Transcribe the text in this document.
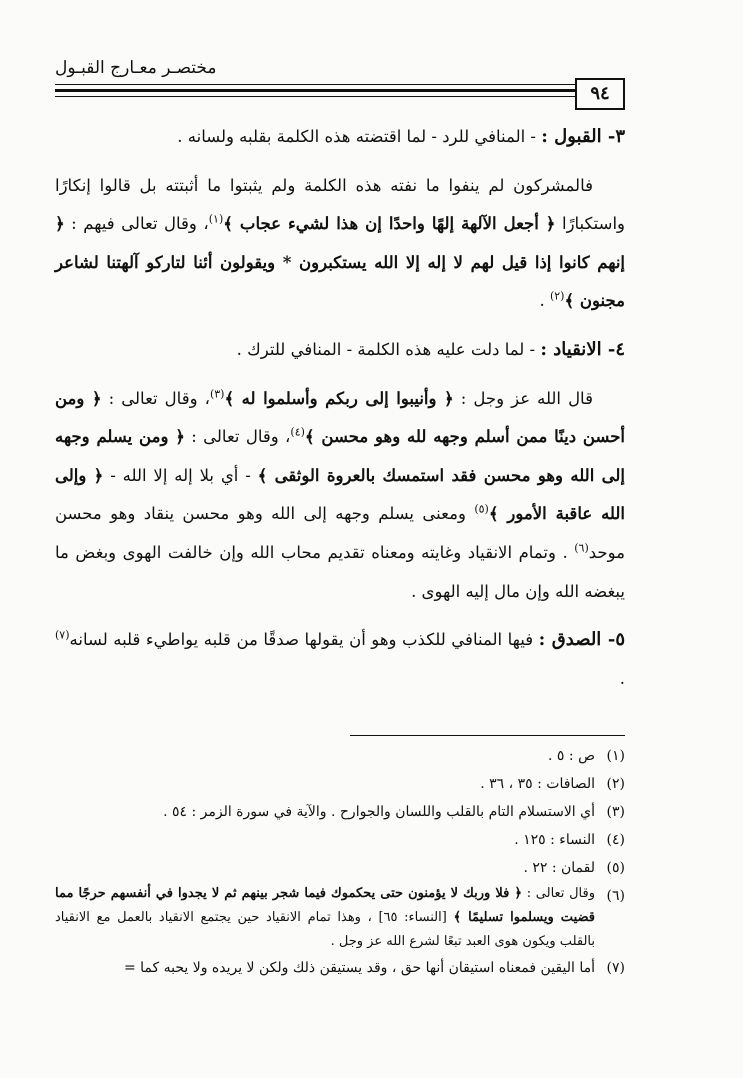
مختصـر معـارج القبـول
٩٤

٣- القبول : - المنافي للرد - لما اقتضته هذه الكلمة بقلبه ولسانه .

فالمشركون لم ينفوا ما نفته هذه الكلمة ولم يثبتوا ما أثبتته بل قالوا إنكارًا واستكبارًا ﴿ أجعل الآلهة إلهًا واحدًا إن هذا لشيء عجاب ﴾$^{(١)}$، وقال تعالى فيهم : ﴿ إنهم كانوا إذا قيل لهم لا إله إلا الله يستكبرون * ويقولون أئنا لتاركو آلهتنا لشاعر مجنون ﴾$^{(٢)}$ .

٤- الانقياد : - لما دلت عليه هذه الكلمة - المنافي للترك .

قال الله عز وجل : ﴿ وأنيبوا إلى ربكم وأسلموا له ﴾$^{(٣)}$، وقال تعالى : ﴿ ومن أحسن دينًا ممن أسلم وجهه لله وهو محسن ﴾$^{(٤)}$، وقال تعالى : ﴿ ومن يسلم وجهه إلى الله وهو محسن فقد استمسك بالعروة الوثقى ﴾ - أي بلا إله إلا الله - ﴿ وإلى الله عاقبة الأمور ﴾$^{(٥)}$ ومعنى يسلم وجهه إلى الله وهو محسن ينقاد وهو محسن موحد$^{(٦)}$ . وتمام الانقياد وغايته ومعناه تقديم محاب الله وإن خالفت الهوى وبغض ما يبغضه الله وإن مال إليه الهوى .

٥- الصدق : فيها المنافي للكذب وهو أن يقولها صدقًا من قلبه يواطيء قلبه لسانه$^{(٧)}$ .

(١)
ص : ٥ .
(٢)
الصافات : ٣٥ ، ٣٦ .
(٣)
أي الاستسلام التام بالقلب واللسان والجوارح . والآية في سورة الزمر : ٥٤ .
(٤)
النساء : ١٢٥ .
(٥)
لقمان : ٢٢ .
(٦)
وقال تعالى : ﴿ فلا وربك لا يؤمنون حتى يحكموك فيما شجر بينهم ثم لا يجدوا في أنفسهم حرجًا مما قضيت ويسلموا تسليمًا ﴾ [النساء: ٦٥] ، وهذا تمام الانقياد حين يجتمع الانقياد بالعمل مع الانقياد بالقلب ويكون هوى العبد تبعًا لشرع الله عز وجل .
(٧)
أما اليقين فمعناه استيقان أنها حق ، وقد يستيقن ذلك ولكن لا يريده ولا يحبه كما =
